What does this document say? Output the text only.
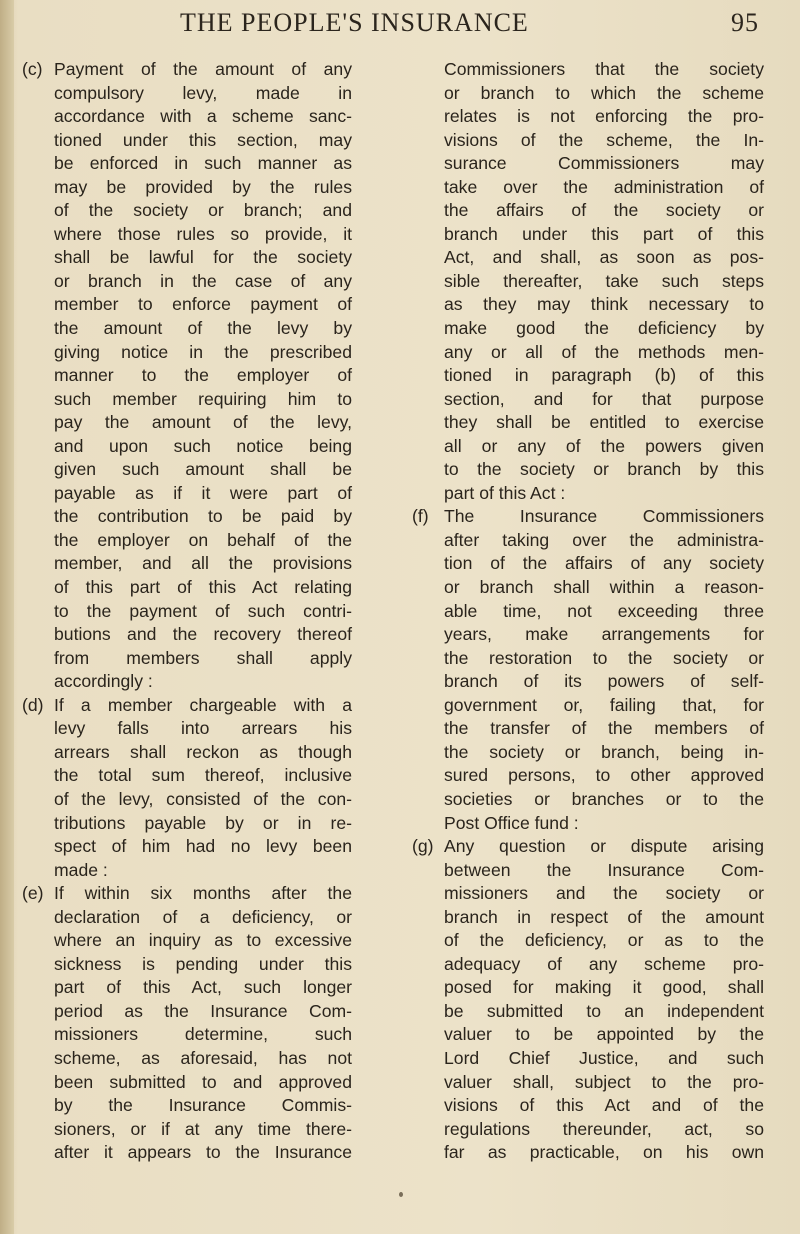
THE PEOPLE'S INSURANCE	95
(c) Payment of the amount of any
compulsory levy, made in
accordance with a scheme sanc-
tioned under this section, may
be enforced in such manner as
may be provided by the rules
of the society or branch; and
where those rules so provide, it
shall be lawful for the society
or branch in the case of any
member to enforce payment of
the amount of the levy by
giving notice in the prescribed
manner to the employer of
such member requiring him to
pay the amount of the levy,
and upon such notice being
given such amount shall be
payable as if it were part of
the contribution to be paid by
the employer on behalf of the
member, and all the provisions
of this part of this Act relating
to the payment of such contri-
butions and the recovery thereof
from members shall apply
accordingly :
(d) If a member chargeable with a
levy falls into arrears his
arrears shall reckon as though
the total sum thereof, inclusive
of the levy, consisted of the con-
tributions payable by or in re-
spect of him had no levy been
made :
(e) If within six months after the
declaration of a deficiency, or
where an inquiry as to excessive
sickness is pending under this
part of this Act, such longer
period as the Insurance Com-
missioners determine, such
scheme, as aforesaid, has not
been submitted to and approved
by the Insurance Commis-
sioners, or if at any time there-
after it appears to the Insurance
Commissioners that the society
or branch to which the scheme
relates is not enforcing the pro-
visions of the scheme, the In-
surance Commissioners may
take over the administration of
the affairs of the society or
branch under this part of this
Act, and shall, as soon as pos-
sible thereafter, take such steps
as they may think necessary to
make good the deficiency by
any or all of the methods men-
tioned in paragraph (b) of this
section, and for that purpose
they shall be entitled to exercise
all or any of the powers given
to the society or branch by this
part of this Act :
(f) The Insurance Commissioners
after taking over the administra-
tion of the affairs of any society
or branch shall within a reason-
able time, not exceeding three
years, make arrangements for
the restoration to the society or
branch of its powers of self-
government or, failing that, for
the transfer of the members of
the society or branch, being in-
sured persons, to other approved
societies or branches or to the
Post Office fund :
(g) Any question or dispute arising
between the Insurance Com-
missioners and the society or
branch in respect of the amount
of the deficiency, or as to the
adequacy of any scheme pro-
posed for making it good, shall
be submitted to an independent
valuer to be appointed by the
Lord Chief Justice, and such
valuer shall, subject to the pro-
visions of this Act and of the
regulations thereunder, act, so
far as practicable, on his own
